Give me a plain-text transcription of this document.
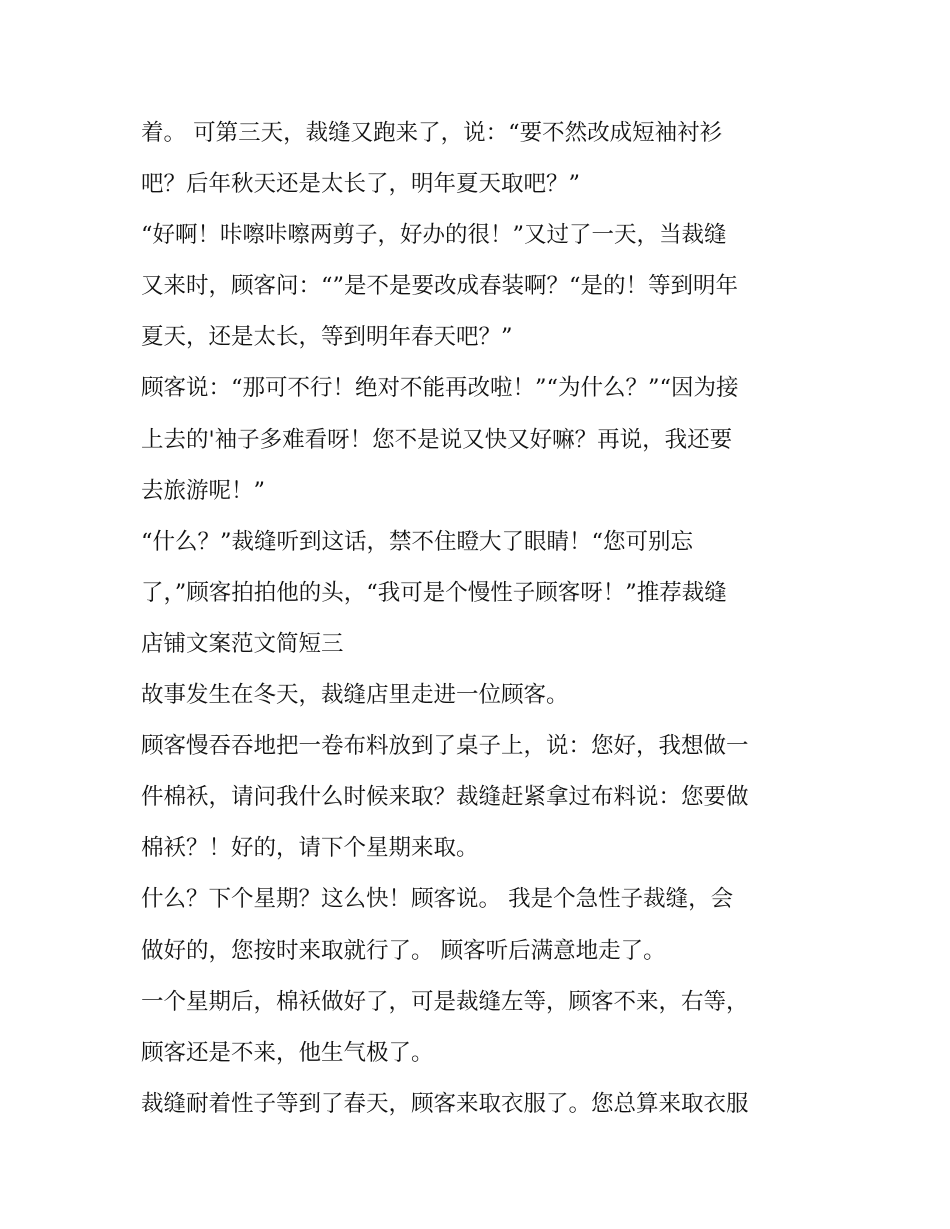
着。 可第三天，裁缝又跑来了，说：“要不然改成短袖衬衫
吧？后年秋天还是太长了，明年夏天取吧？”
“好啊！咔嚓咔嚓两剪子，好办的很！”又过了一天，当裁缝
又来时，顾客问：“”是不是要改成春装啊？“是的！等到明年
夏天，还是太长，等到明年春天吧？”
顾客说：“那可不行！绝对不能再改啦！”“为什么？”“因为接
上去的'袖子多难看呀！您不是说又快又好嘛？再说，我还要
去旅游呢！”
“什么？”裁缝听到这话，禁不住瞪大了眼睛！“您可别忘
了，”顾客拍拍他的头，“我可是个慢性子顾客呀！”推荐裁缝
店铺文案范文简短三
故事发生在冬天，裁缝店里走进一位顾客。
顾客慢吞吞地把一卷布料放到了桌子上，说：您好，我想做一
件棉袄，请问我什么时候来取？裁缝赶紧拿过布料说：您要做
棉袄？！好的，请下个星期来取。
什么？下个星期？这么快！顾客说。 我是个急性子裁缝，会
做好的，您按时来取就行了。 顾客听后满意地走了。
一个星期后，棉袄做好了，可是裁缝左等，顾客不来，右等，
顾客还是不来，他生气极了。
裁缝耐着性子等到了春天，顾客来取衣服了。您总算来取衣服
